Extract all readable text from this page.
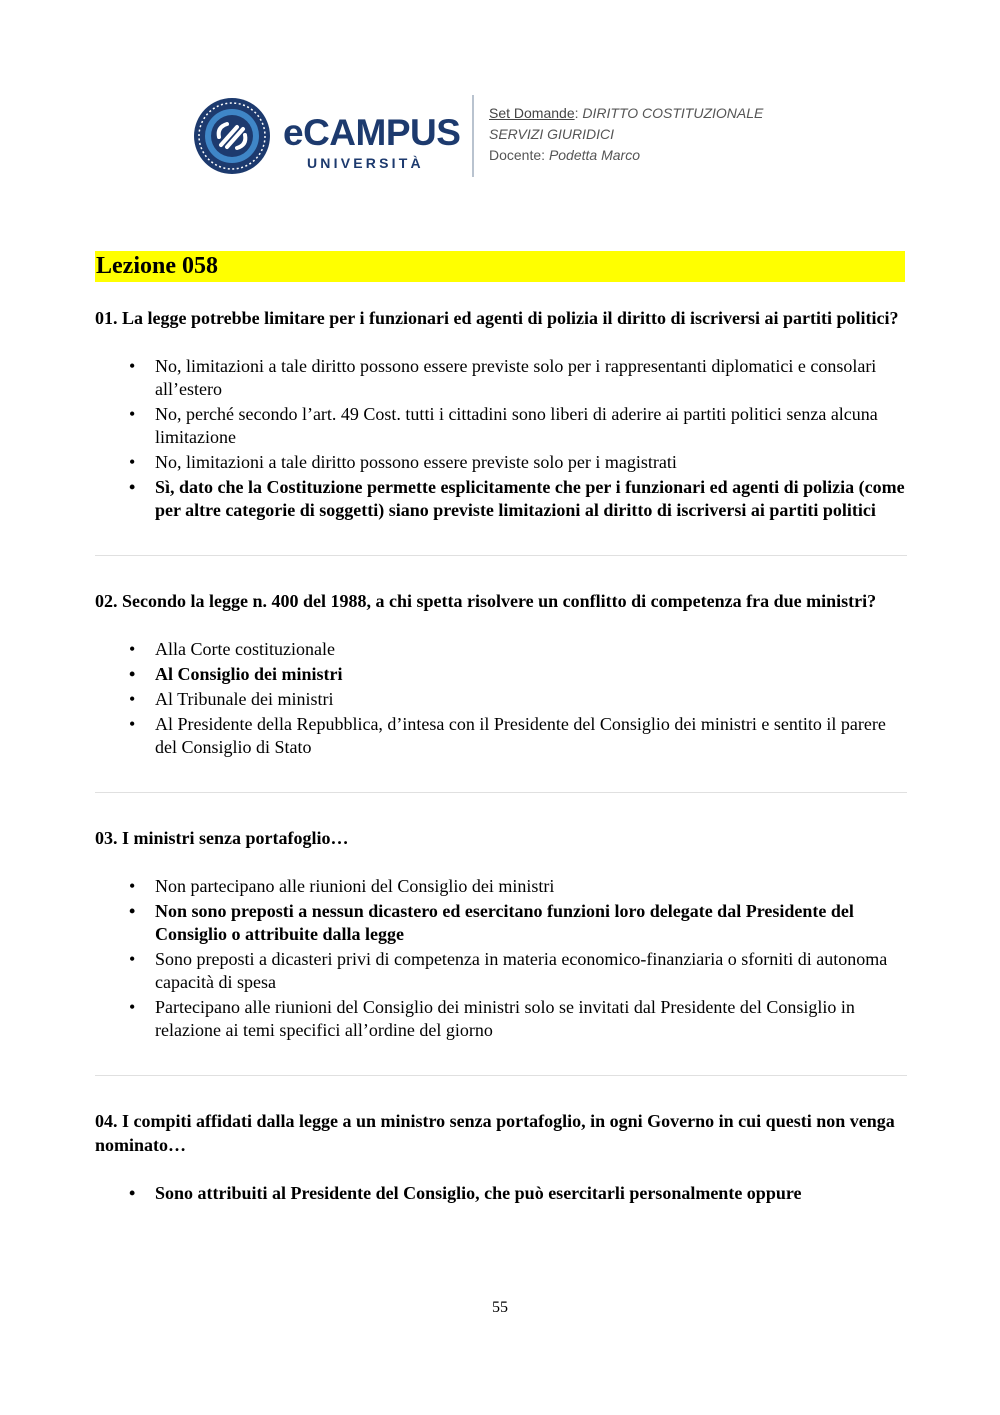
eCAMPUS
UNIVERSITÀ
Set Domande: DIRITTO COSTITUZIONALE
SERVIZI GIURIDICI
Docente: Podetta Marco
Lezione 058

01. La legge potrebbe limitare per i funzionari ed agenti di polizia il diritto di iscriversi ai partiti politici?

• No, limitazioni a tale diritto possono essere previste solo per i rappresentanti diplomatici e consolari all’estero
• No, perché secondo l’art. 49 Cost. tutti i cittadini sono liberi di aderire ai partiti politici senza alcuna limitazione
• No, limitazioni a tale diritto possono essere previste solo per i magistrati
• Sì, dato che la Costituzione permette esplicitamente che per i funzionari ed agenti di polizia (come per altre categorie di soggetti) siano previste limitazioni al diritto di iscriversi ai partiti politici

02. Secondo la legge n. 400 del 1988, a chi spetta risolvere un conflitto di competenza fra due ministri?

• Alla Corte costituzionale
• Al Consiglio dei ministri
• Al Tribunale dei ministri
• Al Presidente della Repubblica, d’intesa con il Presidente del Consiglio dei ministri e sentito il parere del Consiglio di Stato

03. I ministri senza portafoglio…

• Non partecipano alle riunioni del Consiglio dei ministri
• Non sono preposti a nessun dicastero ed esercitano funzioni loro delegate dal Presidente del Consiglio o attribuite dalla legge
• Sono preposti a dicasteri privi di competenza in materia economico-finanziaria o sforniti di autonoma capacità di spesa
• Partecipano alle riunioni del Consiglio dei ministri solo se invitati dal Presidente del Consiglio in relazione ai temi specifici all’ordine del giorno

04. I compiti affidati dalla legge a un ministro senza portafoglio, in ogni Governo in cui questi non venga nominato…

• Sono attribuiti al Presidente del Consiglio, che può esercitarli personalmente oppure
55
